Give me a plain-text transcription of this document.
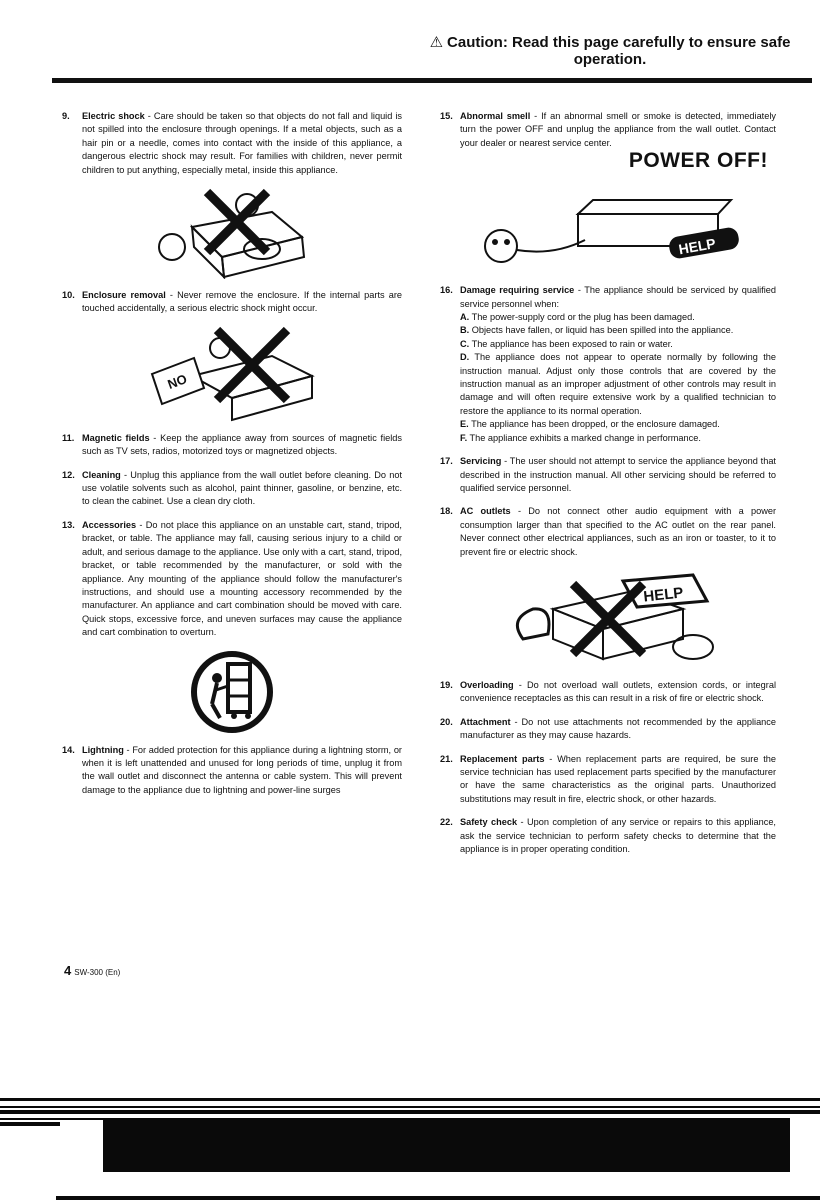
⚠ Caution: Read this page carefully to ensure safe
operation.
9. Electric shock - Care should be taken so that objects do not fall and liquid is not spilled into the enclosure through openings. If a metal objects, such as a hair pin or a needle, comes into contact with the inside of this appliance, a dangerous electric shock may result. For families with children, never permit children to put anything, especially metal, inside this appliance.
10. Enclosure removal - Never remove the enclosure. If the internal parts are touched accidentally, a serious electric shock might occur.
NO
11. Magnetic fields - Keep the appliance away from sources of magnetic fields such as TV sets, radios, motorized toys or magnetized objects.
12. Cleaning - Unplug this appliance from the wall outlet before cleaning. Do not use volatile solvents such as alcohol, paint thinner, gasoline, or benzine, etc. to clean the cabinet. Use a clean dry cloth.
13. Accessories - Do not place this appliance on an unstable cart, stand, tripod, bracket, or table. The appliance may fall, causing serious injury to a child or adult, and serious damage to the appliance. Use only with a cart, stand, tripod, bracket, or table recommended by the manufacturer, or sold with the appliance. Any mounting of the appliance should follow the manufacturer's instructions, and should use a mounting accessory recommended by the manufacturer. An appliance and cart combination should be moved with care. Quick stops, excessive force, and uneven surfaces may cause the appliance and cart combination to overturn.
14. Lightning - For added protection for this appliance during a lightning storm, or when it is left unattended and unused for long periods of time, unplug it from the wall outlet and disconnect the antenna or cable system. This will prevent damage to the appliance due to lightning and power-line surges
15. Abnormal smell - If an abnormal smell or smoke is detected, immediately turn the power OFF and unplug the appliance from the wall outlet. Contact your dealer or nearest service center.
POWER OFF!
HELP
16. Damage requiring service - The appliance should be serviced by qualified service personnel when:
A. The power-supply cord or the plug has been damaged.
B. Objects have fallen, or liquid has been spilled into the appliance.
C. The appliance has been exposed to rain or water.
D. The appliance does not appear to operate normally by following the instruction manual. Adjust only those controls that are covered by the instruction manual as an improper adjustment of other controls may result in damage and will often require extensive work by a qualified technician to restore the appliance to its normal operation.
E. The appliance has been dropped, or the enclosure damaged.
F. The appliance exhibits a marked change in performance.
17. Servicing - The user should not attempt to service the appliance beyond that described in the instruction manual. All other servicing should be referred to qualified service personnel.
18. AC outlets - Do not connect other audio equipment with a power consumption larger than that specified to the AC outlet on the rear panel. Never connect other electrical appliances, such as an iron or toaster, to it to prevent fire or electric shock.
HELP
19. Overloading - Do not overload wall outlets, extension cords, or integral convenience receptacles as this can result in a risk of fire or electric shock.
20. Attachment - Do not use attachments not recommended by the appliance manufacturer as they may cause hazards.
21. Replacement parts - When replacement parts are required, be sure the service technician has used replacement parts specified by the manufacturer or have the same characteristics as the original parts. Unauthorized substitutions may result in fire, electric shock, or other hazards.
22. Safety check - Upon completion of any service or repairs to this appliance, ask the service technician to perform safety checks to determine that the appliance is in proper operating condition.
4 SW-300 (En)
